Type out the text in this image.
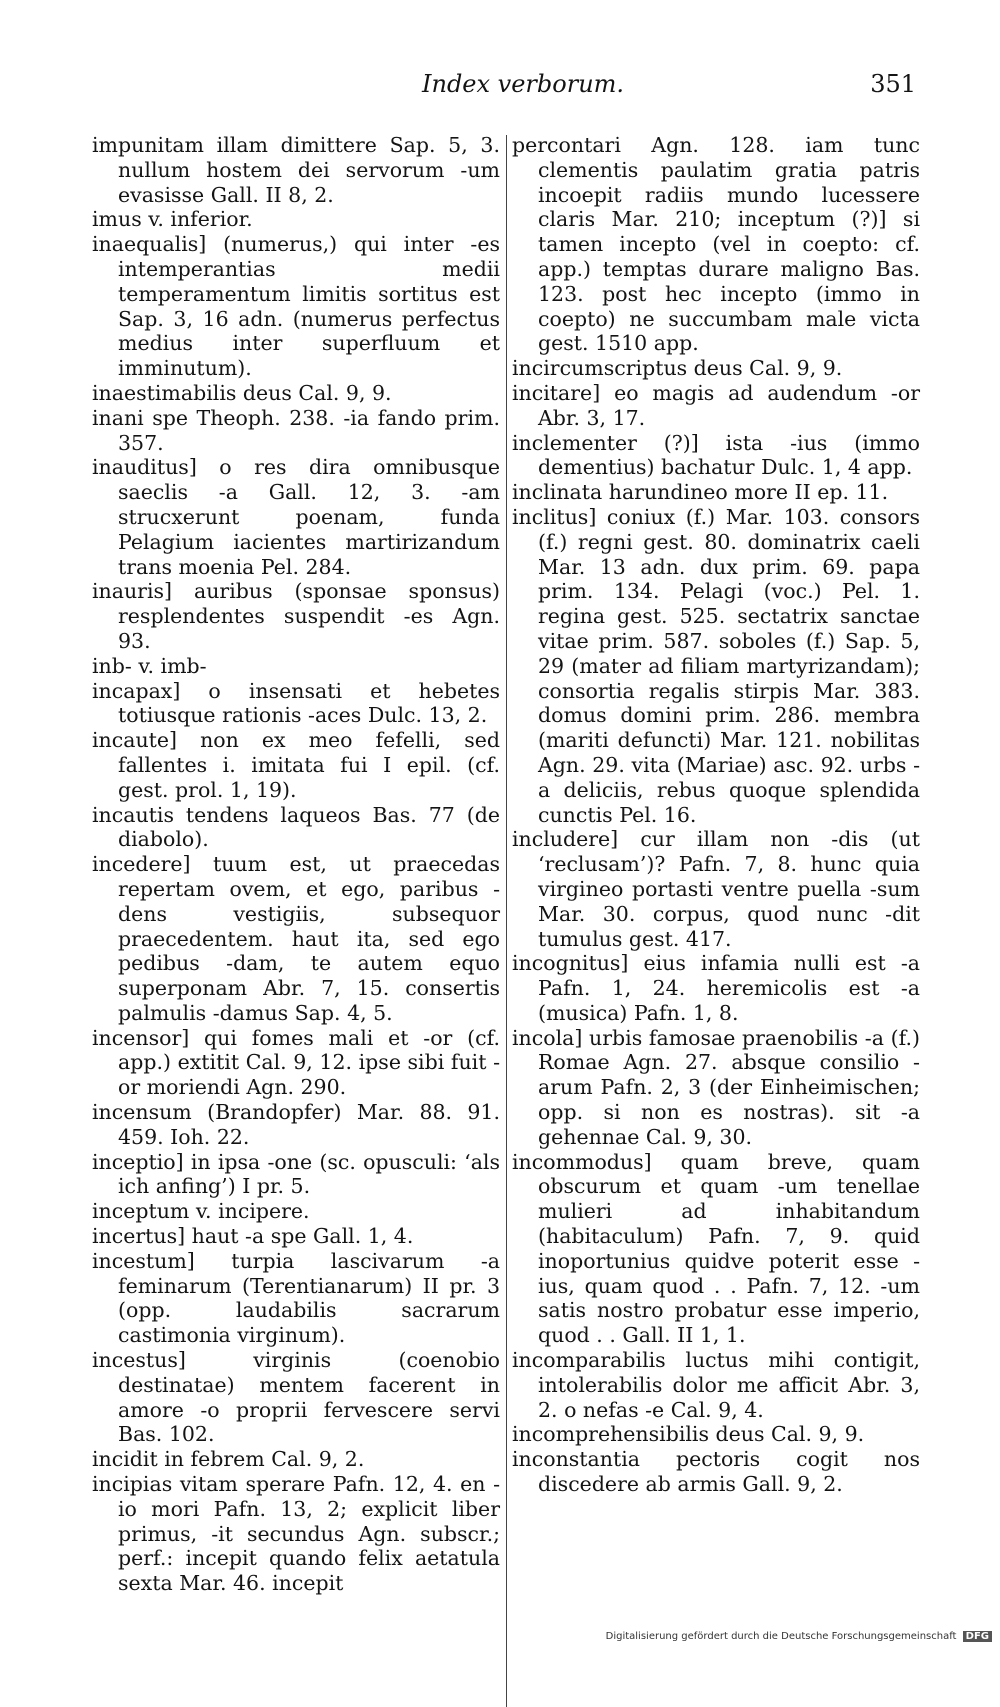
Index verborum.	351
impunitam illam dimittere Sap. 5, 3. nullum hostem dei servorum -um evasisse Gall. II 8, 2.
imus v. inferior.
inaequalis] (numerus,) qui inter -es intemperantias medii temperamentum limitis sortitus est Sap. 3, 16 adn. (numerus perfectus medius inter superfluum et imminutum).
inaestimabilis deus Cal. 9, 9.
inani spe Theoph. 238. -ia fando prim. 357.
inauditus] o res dira omnibusque saeclis -a Gall. 12, 3. -am strucxerunt poenam, funda Pelagium iacientes martirizandum trans moenia Pel. 284.
inauris] auribus (sponsae sponsus) resplendentes suspendit -es Agn. 93.
inb- v. imb-
incapax] o insensati et hebetes totiusque rationis -aces Dulc. 13, 2.
incaute] non ex meo fefelli, sed fallentes i. imitata fui I epil. (cf. gest. prol. 1, 19).
incautis tendens laqueos Bas. 77 (de diabolo).
incedere] tuum est, ut praecedas repertam ovem, et ego, paribus -dens vestigiis, subsequor praecedentem. haut ita, sed ego pedibus -dam, te autem equo superponam Abr. 7, 15. consertis palmulis -damus Sap. 4, 5.
incensor] qui fomes mali et -or (cf. app.) extitit Cal. 9, 12. ipse sibi fuit -or moriendi Agn. 290.
incensum (Brandopfer) Mar. 88. 91. 459. Ioh. 22.
inceptio] in ipsa -one (sc. opusculi: ‘als ich anfing’) I pr. 5.
inceptum v. incipere.
incertus] haut -a spe Gall. 1, 4.
incestum] turpia lascivarum -a feminarum (Terentianarum) II pr. 3 (opp. laudabilis sacrarum castimonia virginum).
incestus] virginis (coenobio destinatae) mentem facerent in amore -o proprii fervescere servi Bas. 102.
incidit in febrem Cal. 9, 2.
incipias vitam sperare Pafn. 12, 4. en -io mori Pafn. 13, 2; explicit liber primus, -it secundus Agn. subscr.; perf.: incepit quando felix aetatula sexta Mar. 46. incepit
percontari Agn. 128. iam tunc clementis paulatim gratia patris incoepit radiis mundo lucessere claris Mar. 210; inceptum (?)] si tamen incepto (vel in coepto: cf. app.) temptas durare maligno Bas. 123. post hec incepto (immo in coepto) ne succumbam male victa gest. 1510 app.
incircumscriptus deus Cal. 9, 9.
incitare] eo magis ad audendum -or Abr. 3, 17.
inclementer (?)] ista -ius (immo dementius) bachatur Dulc. 1, 4 app.
inclinata harundineo more II ep. 11.
inclitus] coniux (f.) Mar. 103. consors (f.) regni gest. 80. dominatrix caeli Mar. 13 adn. dux prim. 69. papa prim. 134. Pelagi (voc.) Pel. 1. regina gest. 525. sectatrix sanctae vitae prim. 587. soboles (f.) Sap. 5, 29 (mater ad filiam martyrizandam); consortia regalis stirpis Mar. 383. domus domini prim. 286. membra (mariti defuncti) Mar. 121. nobilitas Agn. 29. vita (Mariae) asc. 92. urbs -a deliciis, rebus quoque splendida cunctis Pel. 16.
includere] cur illam non -dis (ut ‘reclusam’)? Pafn. 7, 8. hunc quia virgineo portasti ventre puella -sum Mar. 30. corpus, quod nunc -dit tumulus gest. 417.
incognitus] eius infamia nulli est -a Pafn. 1, 24. heremicolis est -a (musica) Pafn. 1, 8.
incola] urbis famosae praenobilis -a (f.) Romae Agn. 27. absque consilio -arum Pafn. 2, 3 (der Einheimischen; opp. si non es nostras). sit -a gehennae Cal. 9, 30.
incommodus] quam breve, quam obscurum et quam -um tenellae mulieri ad inhabitandum (habitaculum) Pafn. 7, 9. quid inoportunius quidve poterit esse -ius, quam quod . . Pafn. 7, 12. -um satis nostro probatur esse imperio, quod . . Gall. II 1, 1.
incomparabilis luctus mihi contigit, intolerabilis dolor me afficit Abr. 3, 2. o nefas -e Cal. 9, 4.
incomprehensibilis deus Cal. 9, 9.
inconstantia pectoris cogit nos discedere ab armis Gall. 9, 2.
Digitalisierung gefördert durch die Deutsche Forschungsgemeinschaft DFG
